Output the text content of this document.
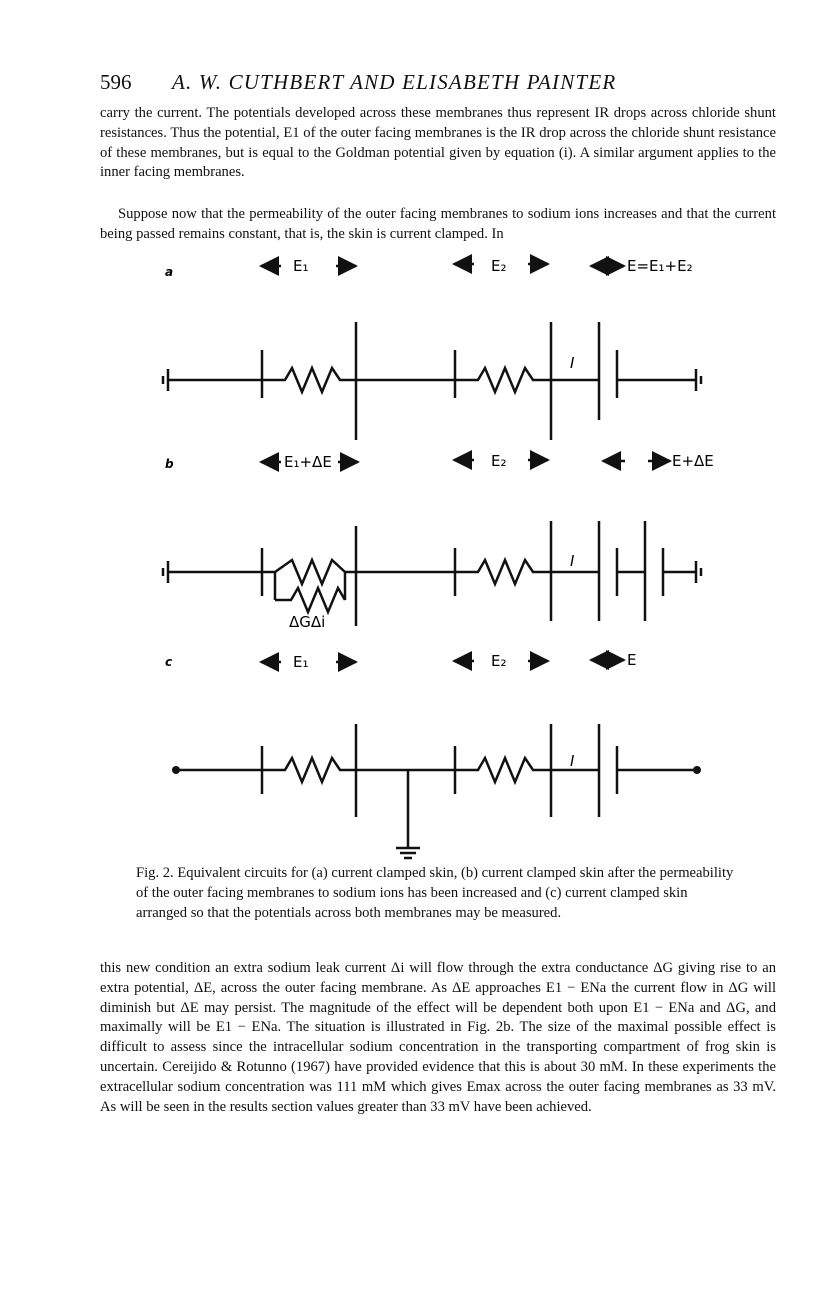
596 A. W. CUTHBERT AND ELISABETH PAINTER

carry the current. The potentials developed across these membranes thus represent IR drops across chloride shunt resistances. Thus the potential, E1 of the outer facing membranes is the IR drop across the chloride shunt resistance of these membranes, but is equal to the Goldman potential given by equation (i). A similar argument applies to the inner facing membranes.

Suppose now that the permeability of the outer facing membranes to sodium ions increases and that the current being passed remains constant, that is, the skin is current clamped. In

a	E₁	E₂	E=E₁+E₂
I
b	E₁+ΔE	E₂	E+ΔE
I
ΔGΔi
c	E₁	E₂	E
I

Fig. 2. Equivalent circuits for (a) current clamped skin, (b) current clamped skin after the permeability of the outer facing membranes to sodium ions has been increased and (c) current clamped skin arranged so that the potentials across both membranes may be measured.

this new condition an extra sodium leak current Δi will flow through the extra conductance ΔG giving rise to an extra potential, ΔE, across the outer facing membrane. As ΔE approaches E1 − ENa the current flow in ΔG will diminish but ΔE may persist. The magnitude of the effect will be dependent both upon E1 − ENa and ΔG, and maximally will be E1 − ENa. The situation is illustrated in Fig. 2b. The size of the maximal possible effect is difficult to assess since the intracellular sodium concentration in the transporting compartment of frog skin is uncertain. Cereijido & Rotunno (1967) have provided evidence that this is about 30 mM. In these experiments the extracellular sodium concentration was 111 mM which gives Emax across the outer facing membranes as 33 mV. As will be seen in the results section values greater than 33 mV have been achieved.
